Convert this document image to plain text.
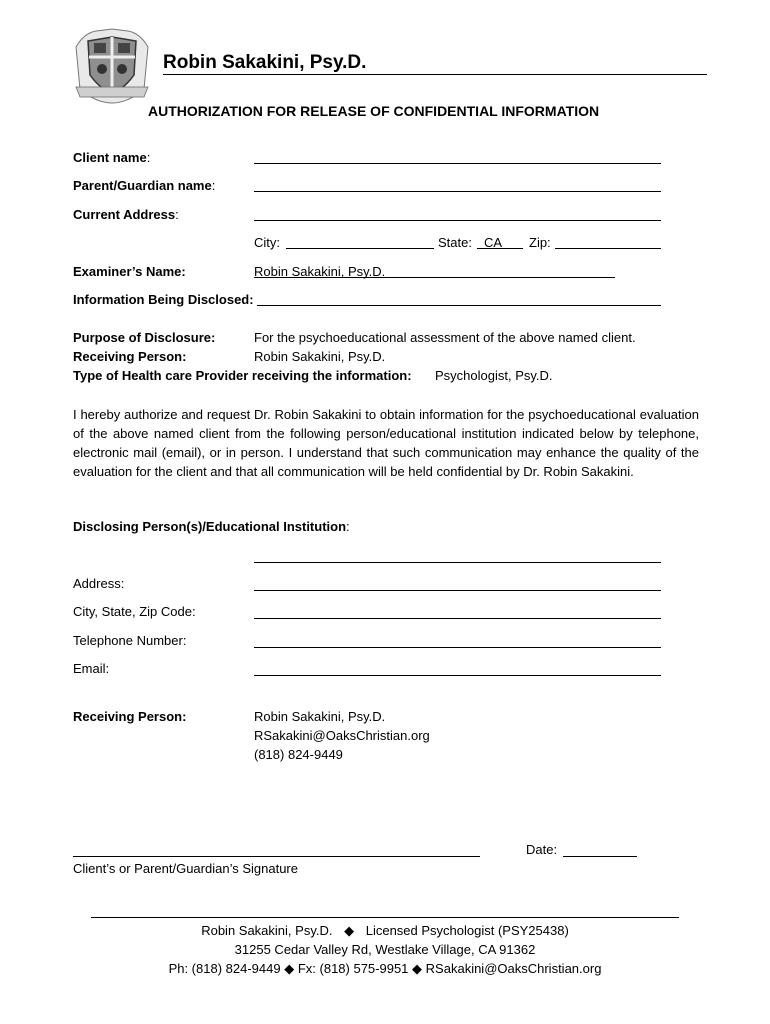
Robin Sakakini, Psy.D.
AUTHORIZATION FOR RELEASE OF CONFIDENTIAL INFORMATION
Client name:
Parent/Guardian name:
Current Address:
City:	State: CA Zip:
Examiner’s Name:	Robin Sakakini, Psy.D.
Information Being Disclosed:
Purpose of Disclosure:	For the psychoeducational assessment of the above named client.
Receiving Person:	Robin Sakakini, Psy.D.
Type of Health care Provider receiving the information: Psychologist, Psy.D.
I hereby authorize and request Dr. Robin Sakakini to obtain information for the psychoeducational evaluation of the above named client from the following person/educational institution indicated below by telephone, electronic mail (email), or in person. I understand that such communication may enhance the quality of the evaluation for the client and that all communication will be held confidential by Dr. Robin Sakakini.
Disclosing Person(s)/Educational Institution:
Address:
City, State, Zip Code:
Telephone Number:
Email:
Receiving Person:	Robin Sakakini, Psy.D.
RSakakini@OaksChristian.org
(818) 824-9449
Date:
Client’s or Parent/Guardian’s Signature
Robin Sakakini, Psy.D. ◆ Licensed Psychologist (PSY25438)
31255 Cedar Valley Rd, Westlake Village, CA 91362
Ph: (818) 824-9449 ◆ Fx: (818) 575-9951 ◆ RSakakini@OaksChristian.org
